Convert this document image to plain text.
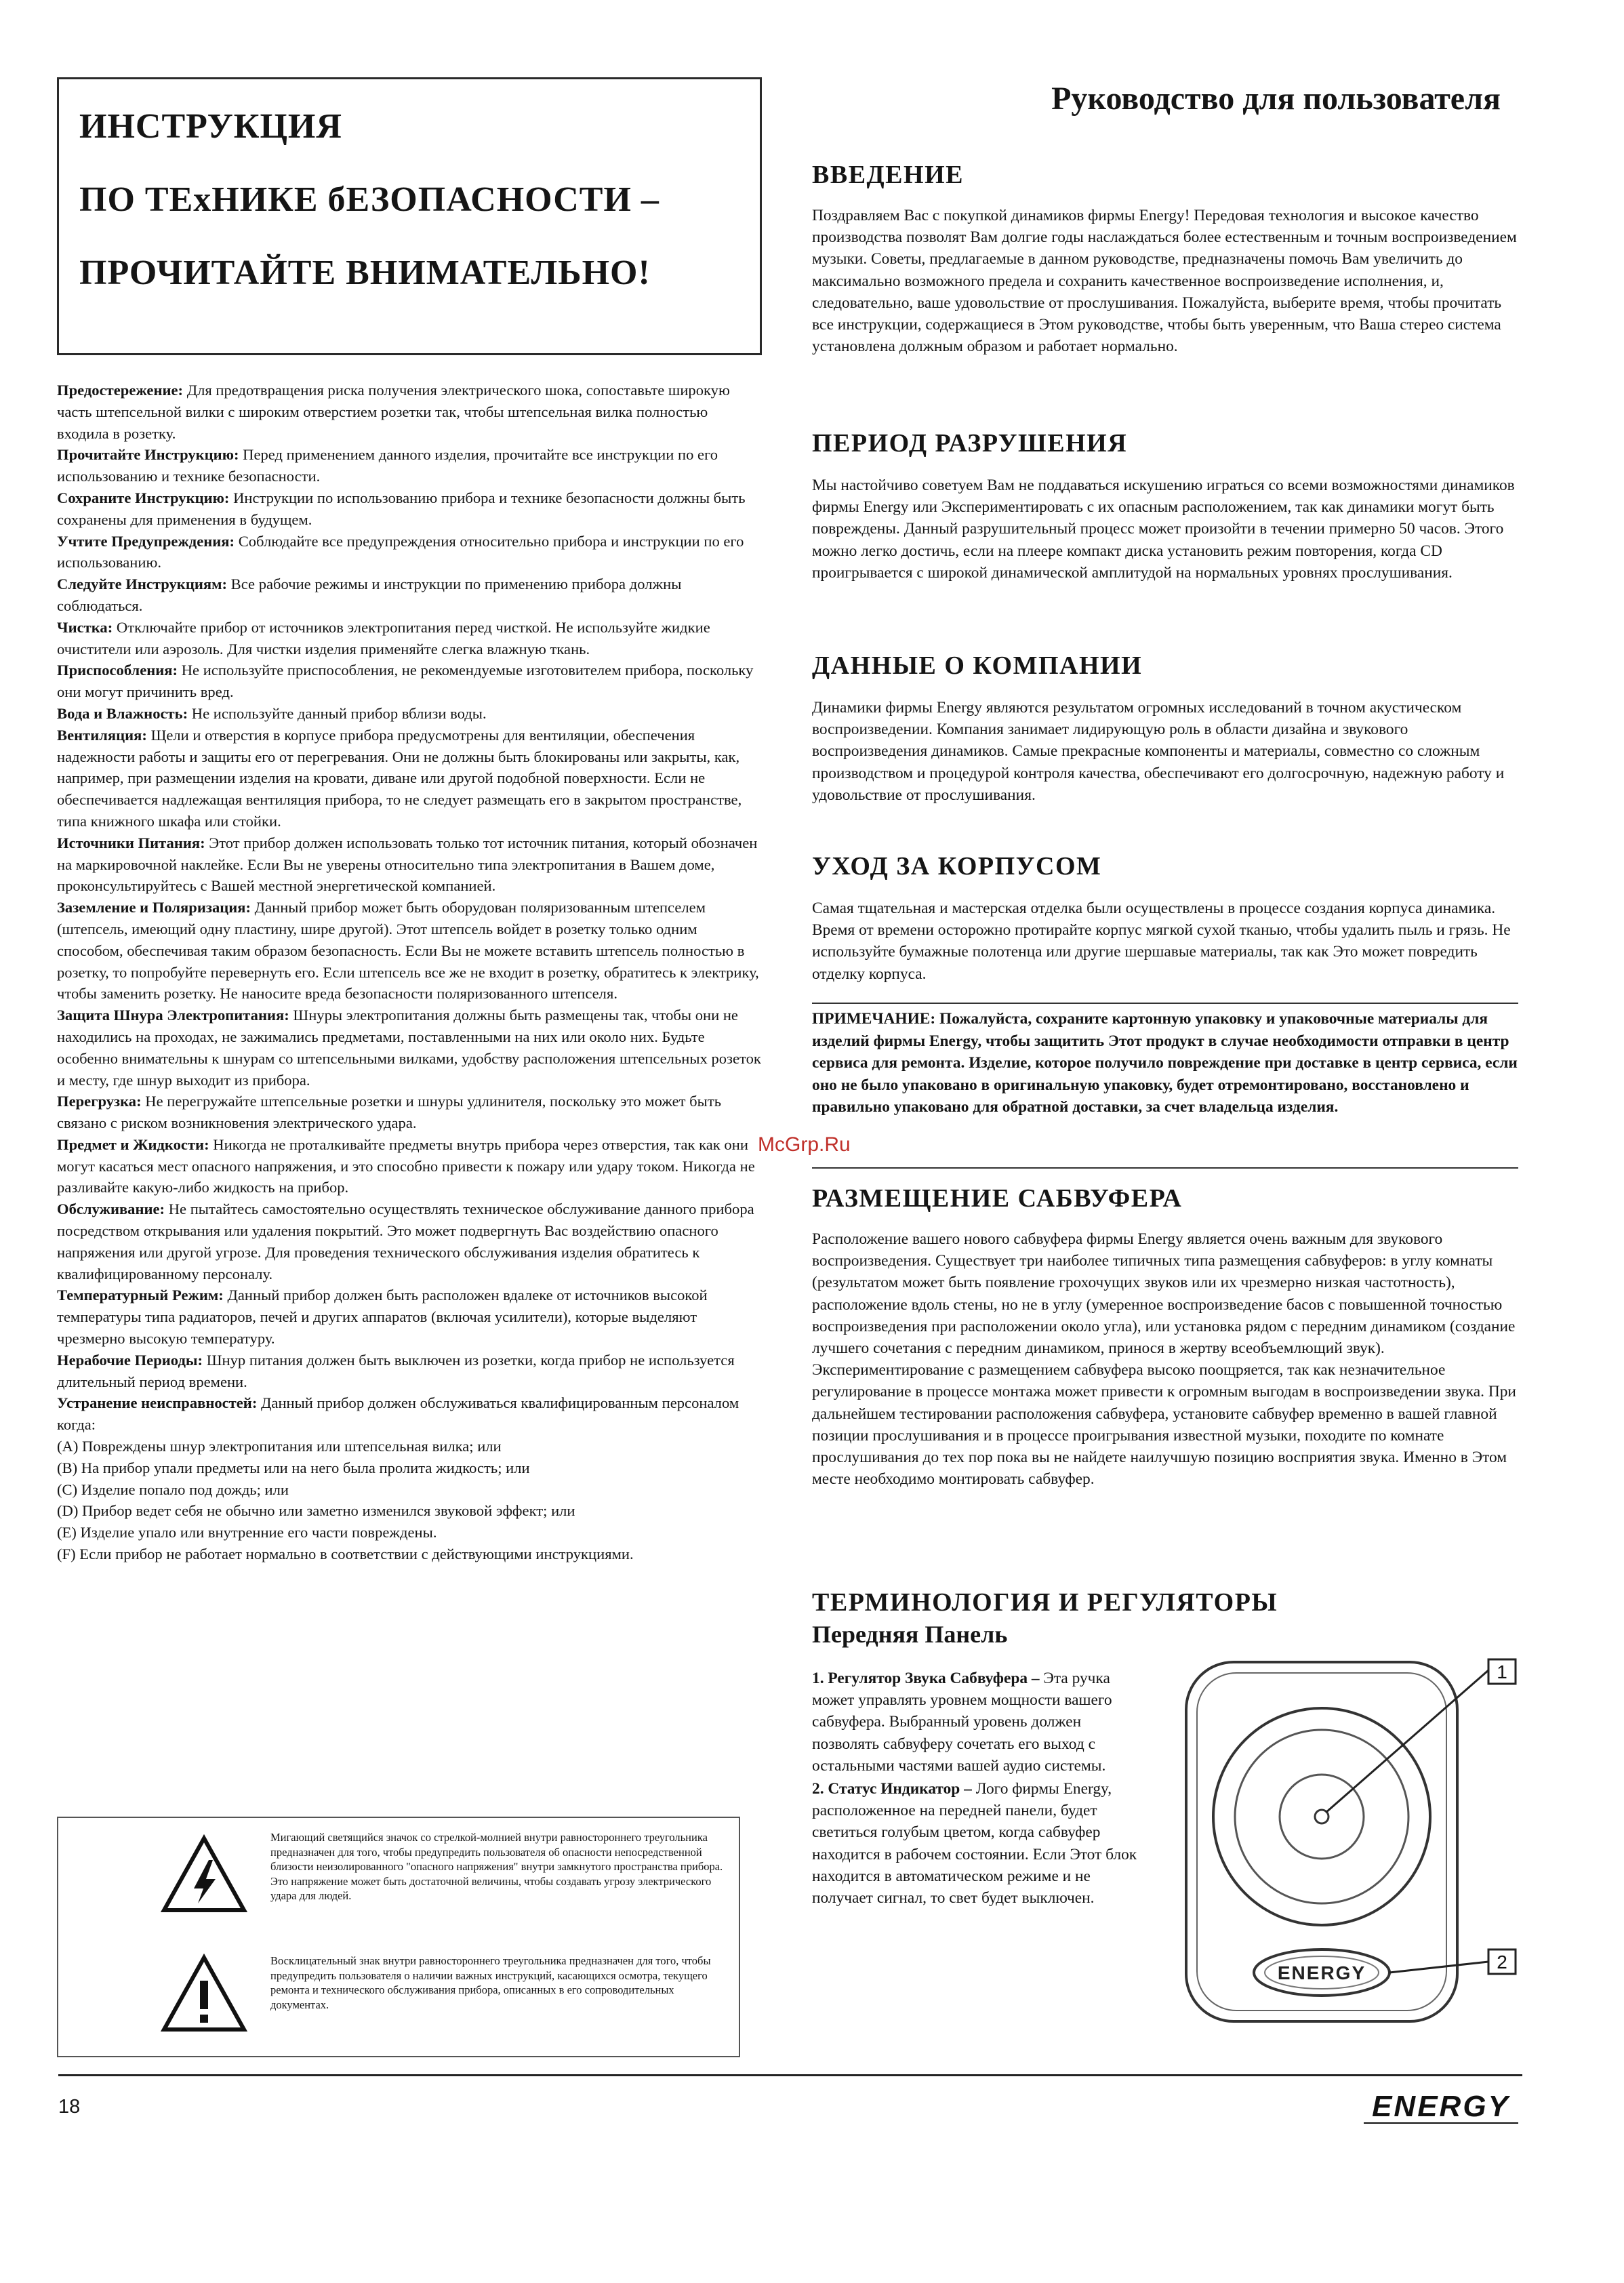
ИНСТРУКЦИЯ
ПО ТЕхНИКЕ бЕЗОПАСНОСТИ –
ПРОЧИТАЙТЕ ВНИМАТЕЛЬНО!

Предостережение: Для предотвращения риска получения электрического шока, сопоставьте широкую часть штепсельной вилки с широким отверстием розетки так, чтобы штепсельная вилка полностью входила в розетку.

Прочитайте Инструкцию: Перед применением данного изделия, прочитайте все инструкции по его использованию и технике безопасности.

Сохраните Инструкцию: Инструкции по использованию прибора и технике безопасности должны быть сохранены для применения в будущем.

Учтите Предупреждения: Соблюдайте все предупреждения относительно прибора и инструкции по его использованию.

Следуйте Инструкциям: Все рабочие режимы и инструкции по применению прибора должны соблюдаться.

Чистка: Отключайте прибор от источников электропитания перед чисткой. Не используйте жидкие очистители или аэрозоль. Для чистки изделия применяйте слегка влажную ткань.

Приспособления: Не используйте приспособления, не рекомендуемые изготовителем прибора, поскольку они могут причинить вред.

Вода и Влажность: Не используйте данный прибор вблизи воды.

Вентиляция: Щели и отверстия в корпусе прибора предусмотрены для вентиляции, обеспечения надежности работы и защиты его от перегревания. Они не должны быть блокированы или закрыты, как, например, при размещении изделия на кровати, диване или другой подобной поверхности. Если не обеспечивается надлежащая вентиляция прибора, то не следует размещать его в закрытом пространстве, типа книжного шкафа или стойки.

Источники Питания: Этот прибор должен использовать только тот источник питания, который обозначен на маркировочной наклейке. Если Вы не уверены относительно типа электропитания в Вашем доме, проконсультируйтесь с Вашей местной энергетической компанией.

Заземление и Поляризация: Данный прибор может быть оборудован поляризованным штепселем (штепсель, имеющий одну пластину, шире другой). Этот штепсель войдет в розетку только одним способом, обеспечивая таким образом безопасность. Если Вы не можете вставить штепсель полностью в розетку, то попробуйте перевернуть его. Если штепсель все же не входит в розетку, обратитесь к электрику, чтобы заменить розетку. Не наносите вреда безопасности поляризованного штепселя.

Защита Шнура Электропитания: Шнуры электропитания должны быть размещены так, чтобы они не находились на проходах, не зажимались предметами, поставленными на них или около них. Будьте особенно внимательны к шнурам со штепсельными вилками, удобству расположения штепсельных розеток и месту, где шнур выходит из прибора.

Перегрузка: Не перегружайте штепсельные розетки и шнуры удлинителя, поскольку это может быть связано с риском возникновения электрического удара.

Предмет и Жидкости: Никогда не проталкивайте предметы внутрь прибора через отверстия, так как они могут касаться мест опасного напряжения, и это способно привести к пожару или удару током. Никогда не разливайте какую-либо жидкость на прибор.

Обслуживание: Не пытайтесь самостоятельно осуществлять техническое обслуживание данного прибора посредством открывания или удаления покрытий. Это может подвергнуть Вас воздействию опасного напряжения или другой угрозе. Для проведения технического обслуживания изделия обратитесь к квалифицированному персоналу.

Температурный Режим: Данный прибор должен быть расположен вдалеке от источников высокой температуры типа радиаторов, печей и других аппаратов (включая усилители), которые выделяют чрезмерно высокую температуру.

Нерабочие Периоды: Шнур питания должен быть выключен из розетки, когда прибор не используется длительный период времени.

Устранение неисправностей: Данный прибор должен обслуживаться квалифицированным персоналом когда:

(A) Повреждены шнур электропитания или штепсельная вилка; или
(B) На прибор упали предметы или на него была пролита жидкость; или
(C) Изделие попало под дождь; или
(D) Прибор ведет себя не обычно или заметно изменился звуковой эффект; или
(E) Изделие упало или внутренние его части повреждены.
(F) Если прибор не работает нормально в соответствии с действующими инструкциями.
Мигающий светящийся значок со стрелкой-молнией внутри равностороннего треугольника предназначен для того, чтобы предупредить пользователя об опасности непосредственной близости неизолированного "опасного напряжения" внутри замкнутого пространства прибора. Это напряжение может быть достаточной величины, чтобы создавать угрозу электрического удара для людей.
Восклицательный знак внутри равностороннего треугольника предназначен для того, чтобы предупредить пользователя о наличии важных инструкций, касающихся осмотра, текущего ремонта и технического обслуживания прибора, описанных в его сопроводительных документах.
Руководство для пользователя
ВВЕДЕНИЕ

Поздравляем Вас с покупкой динамиков фирмы Energy! Передовая технология и высокое качество производства позволят Вам долгие годы наслаждаться более естественным и точным воспроизведением музыки. Советы, предлагаемые в данном руководстве, предназначены помочь Вам увеличить до максимально возможного предела и сохранить качественное воспроизведение исполнения, и, следовательно, ваше удовольствие от прослушивания. Пожалуйста, выберите время, чтобы прочитать все инструкции, содержащиеся в Этом руководстве, чтобы быть уверенным, что Ваша стерео система установлена должным образом и работает нормально.

ПЕРИОД РАЗРУШЕНИЯ

Мы настойчиво советуем Вам не поддаваться искушению играться со всеми возможностями динамиков фирмы Energy или Экспериментировать с их опасным расположением, так как динамики могут быть повреждены. Данный разрушительный процесс может произойти в течении примерно 50 часов. Этого можно легко достичь, если на плеере компакт диска установить режим повторения, когда CD проигрывается с широкой динамической амплитудой на нормальных уровнях прослушивания.

ДАННЫЕ О КОМПАНИИ

Динамики фирмы Energy являются результатом огромных исследований в точном акустическом воспроизведении. Компания занимает лидирующую роль в области дизайна и звукового воспроизведения динамиков. Самые прекрасные компоненты и материалы, совместно со сложным производством и процедурой контроля качества, обеспечивают его долгосрочную, надежную работу и удовольствие от прослушивания.

УХОД ЗА КОРПУСОМ

Самая тщательная и мастерская отделка были осуществлены в процессе создания корпуса динамика. Время от времени осторожно протирайте корпус мягкой сухой тканью, чтобы удалить пыль и грязь. Не используйте бумажные полотенца или другие шершавые материалы, так как Это может повредить отделку корпуса.

ПРИМЕЧАНИЕ: Пожалуйста, сохраните картонную упаковку и упаковочные материалы для изделий фирмы Energy, чтобы защитить Этот продукт в случае необходимости отправки в центр сервиса для ремонта. Изделие, которое получило повреждение при доставке в центр сервиса, если оно не было упаковано в оригинальную упаковку, будет отремонтировано, восстановлено и правильно упаковано для обратной доставки, за счет владельца изделия.
РАЗМЕЩЕНИЕ САБВУФЕРА

Расположение вашего нового сабвуфера фирмы Energy является очень важным для звукового воспроизведения. Существует три наиболее типичных типа размещения сабвуферов: в углу комнаты (результатом может быть появление грохочущих звуков или их чрезмерно низкая частотность), расположение вдоль стены, но не в углу (умеренное воспроизведение басов с повышенной точностью воспроизведения при расположении около угла), или установка рядом с передним динамиком (создание лучшего сочетания с передним динамиком, принося в жертву всеобъемлющий звук). Экспериментирование с размещением сабвуфера высоко поощряется, так как незначительное регулирование в процессе монтажа может привести к огромным выгодам в воспроизведении звука. При дальнейшем тестировании расположения сабвуфера, установите сабвуфер временно в вашей главной позиции прослушивания и в процессе проигрывания известной музыки, походите по комнате прослушивания до тех пор пока вы не найдете наилучшую позицию восприятия звука. Именно в Этом месте необходимо монтировать сабвуфер.

ТЕРМИНОЛОГИЯ И РЕГУЛЯТОРЫ
Передняя Панель

1. Регулятор Звука Сабвуфера – Эта ручка может управлять уровнем мощности вашего сабвуфера. Выбранный уровень должен позволять сабвуферу сочетать его выход с остальными частями вашей аудио системы.

2. Статус Индикатор – Лого фирмы Energy, расположенное на передней панели, будет светиться голубым цветом, когда сабвуфер находится в рабочем состоянии. Если Этот блок находится в автоматическом режиме и не получает сигнал, то свет будет выключен.

1
ENERGY
2
McGrp.Ru
18	ENERGY
